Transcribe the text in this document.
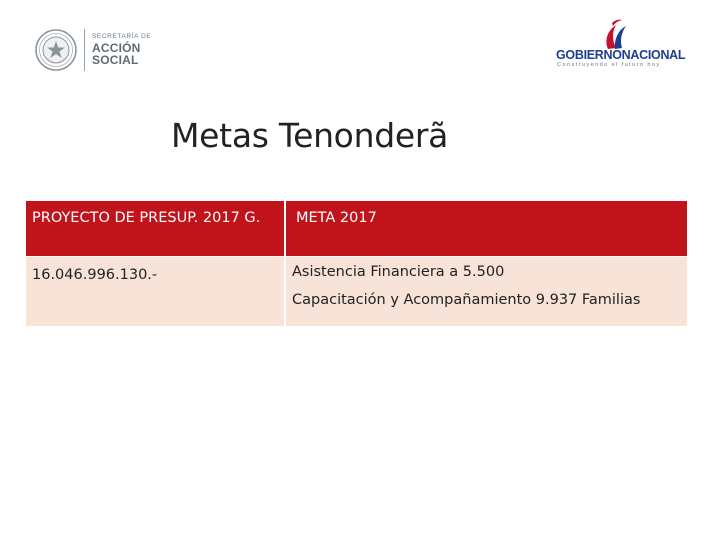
SECRETARÍA DE
ACCIÓN
SOCIAL	GOBIERNONACIONAL
Construyendo el futuro hoy
Metas Tenonderã
PROYECTO DE PRESUP. 2017 G.	META 2017
16.046.996.130.-	Asistencia Financiera a 5.500
Capacitación y Acompañamiento 9.937 Familias
